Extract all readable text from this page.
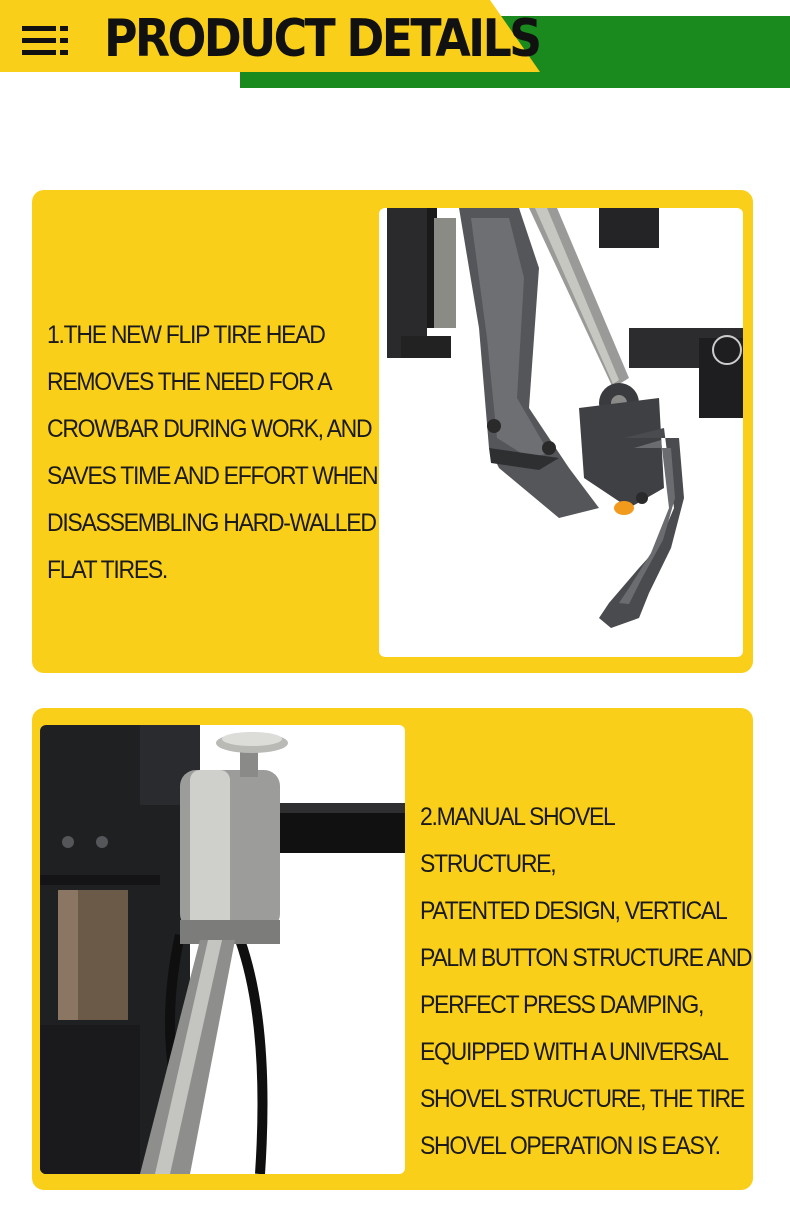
PRODUCT DETAILS
1.THE NEW FLIP TIRE HEAD
REMOVES THE NEED FOR A
CROWBAR DURING WORK, AND
SAVES TIME AND EFFORT WHEN
DISASSEMBLING HARD-WALLED
FLAT TIRES.
2.MANUAL SHOVEL STRUCTURE,
PATENTED DESIGN, VERTICAL
PALM BUTTON STRUCTURE AND
PERFECT PRESS DAMPING,
EQUIPPED WITH A UNIVERSAL
SHOVEL STRUCTURE, THE TIRE
SHOVEL OPERATION IS EASY.
